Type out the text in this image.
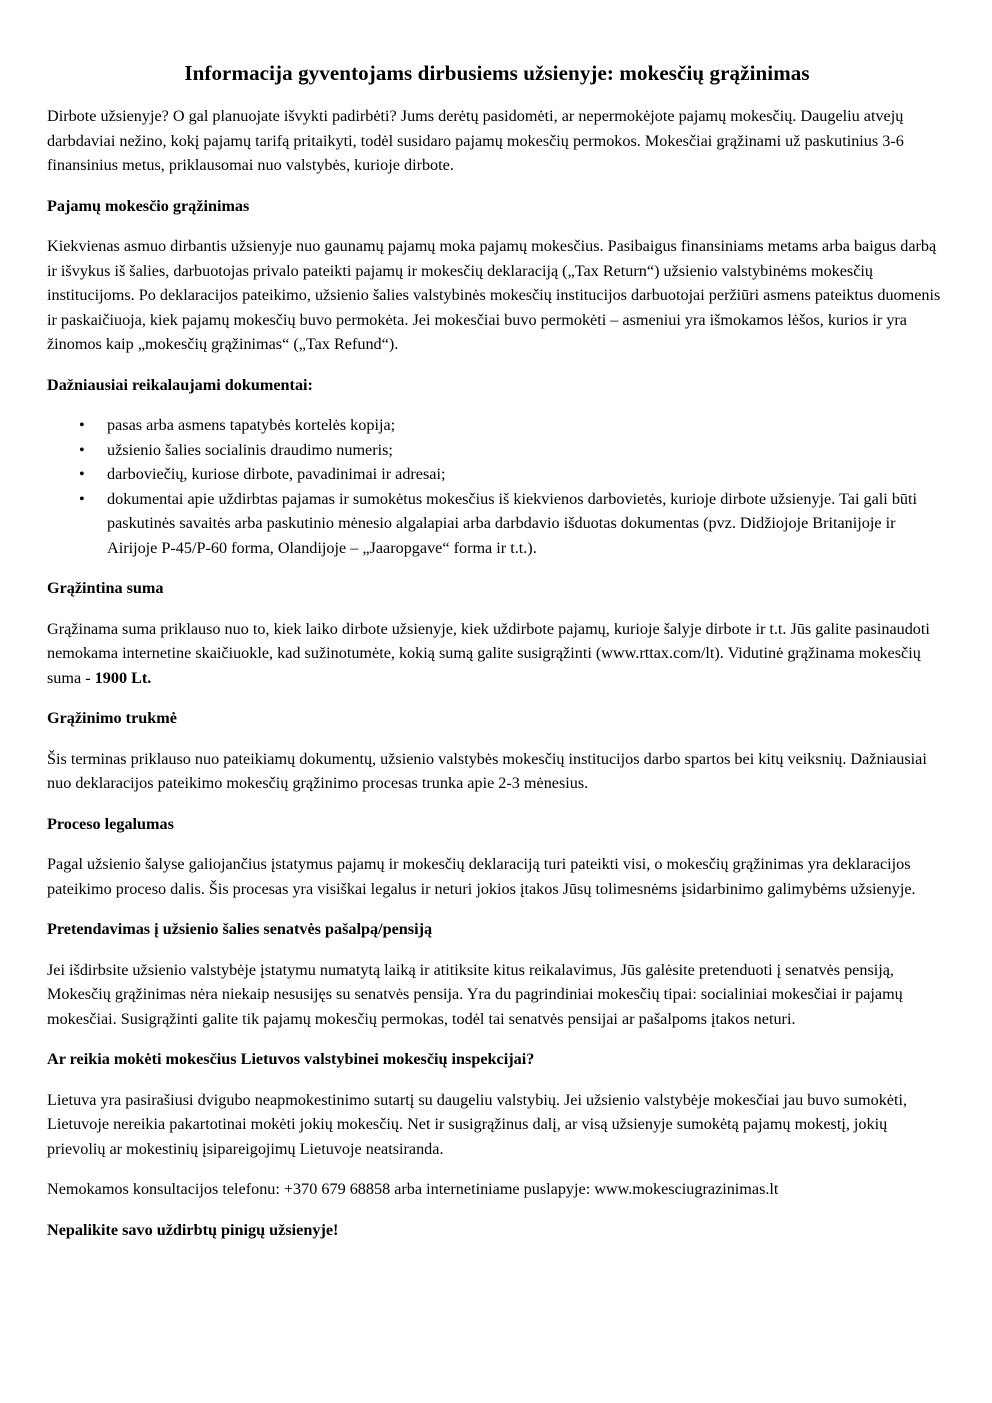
Informacija gyventojams dirbusiems užsienyje: mokesčių grąžinimas

Dirbote užsienyje? O gal planuojate išvykti padirbėti? Jums derėtų pasidomėti, ar nepermokėjote pajamų mokesčių. Daugeliu atvejų darbdaviai nežino, kokį pajamų tarifą pritaikyti, todėl susidaro pajamų mokesčių permokos. Mokesčiai grąžinami už paskutinius 3-6 finansinius metus, priklausomai nuo valstybės, kurioje dirbote.

Pajamų mokesčio grąžinimas

Kiekvienas asmuo dirbantis užsienyje nuo gaunamų pajamų moka pajamų mokesčius. Pasibaigus finansiniams metams arba baigus darbą ir išvykus iš šalies, darbuotojas privalo pateikti pajamų ir mokesčių deklaraciją („Tax Return“) užsienio valstybinėms mokesčių institucijoms. Po deklaracijos pateikimo, užsienio šalies valstybinės mokesčių institucijos darbuotojai peržiūri asmens pateiktus duomenis ir paskaičiuoja, kiek pajamų mokesčių buvo permokėta. Jei mokesčiai buvo permokėti – asmeniui yra išmokamos lėšos, kurios ir yra žinomos kaip „mokesčių grąžinimas“ („Tax Refund“).

Dažniausiai reikalaujami dokumentai:
• pasas arba asmens tapatybės kortelės kopija;
• užsienio šalies socialinis draudimo numeris;
• darboviečių, kuriose dirbote, pavadinimai ir adresai;
• dokumentai apie uždirbtas pajamas ir sumokėtus mokesčius iš kiekvienos darbovietės, kurioje dirbote užsienyje. Tai gali būti paskutinės savaitės arba paskutinio mėnesio algalapiai arba darbdavio išduotas dokumentas (pvz. Didžiojoje Britanijoje ir Airijoje P-45/P-60 forma, Olandijoje – „Jaaropgave“ forma ir t.t.).
Grąžintina suma

Grąžinama suma priklauso nuo to, kiek laiko dirbote užsienyje, kiek uždirbote pajamų, kurioje šalyje dirbote ir t.t. Jūs galite pasinaudoti nemokama internetine skaičiuokle, kad sužinotumėte, kokią sumą galite susigrąžinti (www.rttax.com/lt). Vidutinė grąžinama mokesčių suma - 1900 Lt.

Grąžinimo trukmė

Šis terminas priklauso nuo pateikiamų dokumentų, užsienio valstybės mokesčių institucijos darbo spartos bei kitų veiksnių. Dažniausiai nuo deklaracijos pateikimo mokesčių grąžinimo procesas trunka apie 2-3 mėnesius.

Proceso legalumas

Pagal užsienio šalyse galiojančius įstatymus pajamų ir mokesčių deklaraciją turi pateikti visi, o mokesčių grąžinimas yra deklaracijos pateikimo proceso dalis. Šis procesas yra visiškai legalus ir neturi jokios įtakos Jūsų tolimesnėms įsidarbinimo galimybėms užsienyje.

Pretendavimas į užsienio šalies senatvės pašalpą/pensiją

Jei išdirbsite užsienio valstybėje įstatymu numatytą laiką ir atitiksite kitus reikalavimus, Jūs galėsite pretenduoti į senatvės pensiją, Mokesčių grąžinimas nėra niekaip nesusijęs su senatvės pensija. Yra du pagrindiniai mokesčių tipai: socialiniai mokesčiai ir pajamų mokesčiai. Susigrąžinti galite tik pajamų mokesčių permokas, todėl tai senatvės pensijai ar pašalpoms įtakos neturi.

Ar reikia mokėti mokesčius Lietuvos valstybinei mokesčių inspekcijai?

Lietuva yra pasirašiusi dvigubo neapmokestinimo sutartį su daugeliu valstybių. Jei užsienio valstybėje mokesčiai jau buvo sumokėti, Lietuvoje nereikia pakartotinai mokėti jokių mokesčių. Net ir susigrąžinus dalį, ar visą užsienyje sumokėtą pajamų mokestį, jokių prievolių ar mokestinių įsipareigojimų Lietuvoje neatsiranda.

Nemokamos konsultacijos telefonu: +370 679 68858 arba internetiniame puslapyje: www.mokesciugrazinimas.lt

Nepalikite savo uždirbtų pinigų užsienyje!
